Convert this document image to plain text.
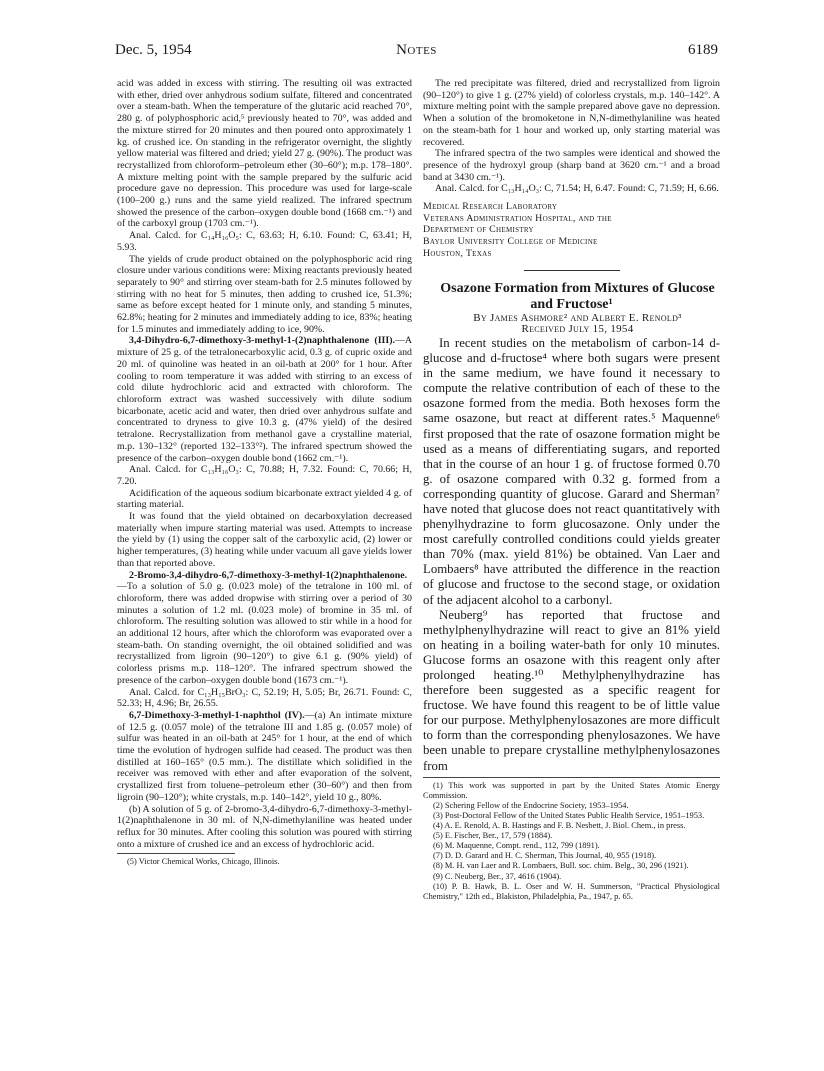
Dec. 5, 1954	Notes	6189

acid was added in excess with stirring. The resulting oil was extracted with ether, dried over anhydrous sodium sulfate, filtered and concentrated over a steam-bath. When the temperature of the glutaric acid reached 70°, 280 g. of polyphosphoric acid,⁵ previously heated to 70°, was added and the mixture stirred for 20 minutes and then poured onto approximately 1 kg. of crushed ice. On standing in the refrigerator overnight, the slightly yellow material was filtered and dried; yield 27 g. (90%). The product was recrystallized from chloroform–petroleum ether (30–60°); m.p. 178–180°. A mixture melting point with the sample prepared by the sulfuric acid procedure gave no depression. This procedure was used for large-scale (100–200 g.) runs and the same yield realized. The infrared spectrum showed the presence of the carbon–oxygen double bond (1668 cm.⁻¹) and of the carboxyl group (1703 cm.⁻¹).

Anal. Calcd. for C₁₄H₁₆O₅: C, 63.63; H, 6.10. Found: C, 63.41; H, 5.93.

The yields of crude product obtained on the polyphosphoric acid ring closure under various conditions were: Mixing reactants previously heated separately to 90° and stirring over steam-bath for 2.5 minutes followed by stirring with no heat for 5 minutes, then adding to crushed ice, 51.3%; same as before except heated for 1 minute only, and standing 5 minutes, 62.8%; heating for 2 minutes and immediately adding to ice, 83%; heating for 1.5 minutes and immediately adding to ice, 90%.

3,4-Dihydro-6,7-dimethoxy-3-methyl-1-(2)naphthalenone (III).—A mixture of 25 g. of the tetralonecarboxylic acid, 0.3 g. of cupric oxide and 20 ml. of quinoline was heated in an oil-bath at 200° for 1 hour. After cooling to room temperature it was added with stirring to an excess of cold dilute hydrochloric acid and extracted with chloroform. The chloroform extract was washed successively with dilute sodium bicarbonate, acetic acid and water, then dried over anhydrous sulfate and concentrated to dryness to give 10.3 g. (47% yield) of the desired tetralone. Recrystallization from methanol gave a crystalline material, m.p. 130–132° (reported 132–133°²). The infrared spectrum showed the presence of the carbon–oxygen double bond (1662 cm.⁻¹).

Anal. Calcd. for C₁₃H₁₆O₃: C, 70.88; H, 7.32. Found: C, 70.66; H, 7.20.

Acidification of the aqueous sodium bicarbonate extract yielded 4 g. of starting material.

It was found that the yield obtained on decarboxylation decreased materially when impure starting material was used. Attempts to increase the yield by (1) using the copper salt of the carboxylic acid, (2) lower or higher temperatures, (3) heating while under vacuum all gave yields lower than that reported above.

2-Bromo-3,4-dihydro-6,7-dimethoxy-3-methyl-1(2)naphthalenone.—To a solution of 5.0 g. (0.023 mole) of the tetralone in 100 ml. of chloroform, there was added dropwise with stirring over a period of 30 minutes a solution of 1.2 ml. (0.023 mole) of bromine in 35 ml. of chloroform. The resulting solution was allowed to stir while in a hood for an additional 12 hours, after which the chloroform was evaporated over a steam-bath. On standing overnight, the oil obtained solidified and was recrystallized from ligroin (90–120°) to give 6.1 g. (90% yield) of colorless prisms m.p. 118–120°. The infrared spectrum showed the presence of the carbon–oxygen double bond (1673 cm.⁻¹).

Anal. Calcd. for C₁₃H₁₅BrO₃: C, 52.19; H, 5.05; Br, 26.71. Found: C, 52.33; H, 4.96; Br, 26.55.

6,7-Dimethoxy-3-methyl-1-naphthol (IV).—(a) An intimate mixture of 12.5 g. (0.057 mole) of the tetralone III and 1.85 g. (0.057 mole) of sulfur was heated in an oil-bath at 245° for 1 hour, at the end of which time the evolution of hydrogen sulfide had ceased. The product was then distilled at 160–165° (0.5 mm.). The distillate which solidified in the receiver was removed with ether and after evaporation of the solvent, crystallized first from toluene–petroleum ether (30–60°) and then from ligroin (90–120°); white crystals, m.p. 140–142°, yield 10 g., 80%.

(b) A solution of 5 g. of 2-bromo-3,4-dihydro-6,7-dimethoxy-3-methyl-1(2)naphthalenone in 30 ml. of N,N-dimethylaniline was heated under reflux for 30 minutes. After cooling this solution was poured with stirring onto a mixture of crushed ice and an excess of hydrochloric acid.

(5) Victor Chemical Works, Chicago, Illinois.

The red precipitate was filtered, dried and recrystallized from ligroin (90–120°) to give 1 g. (27% yield) of colorless crystals, m.p. 140–142°. A mixture melting point with the sample prepared above gave no depression. When a solution of the bromoketone in N,N-dimethylaniline was heated on the steam-bath for 1 hour and worked up, only starting material was recovered.

The infrared spectra of the two samples were identical and showed the presence of the hydroxyl group (sharp band at 3620 cm.⁻¹ and a broad band at 3430 cm.⁻¹).

Anal. Calcd. for C₁₃H₁₄O₃: C, 71.54; H, 6.47. Found: C, 71.59; H, 6.66.

Medical Research Laboratory

Veterans Administration Hospital, and the

Department of Chemistry

Baylor University College of Medicine

Houston, Texas

Osazone Formation from Mixtures of Glucose and Fructose¹

By James Ashmore² and Albert E. Renold³

Received July 15, 1954

In recent studies on the metabolism of carbon-14 d-glucose and d-fructose⁴ where both sugars were present in the same medium, we have found it necessary to compute the relative contribution of each of these to the osazone formed from the media. Both hexoses form the same osazone, but react at different rates.⁵ Maquenne⁶ first proposed that the rate of osazone formation might be used as a means of differentiating sugars, and reported that in the course of an hour 1 g. of fructose formed 0.70 g. of osazone compared with 0.32 g. formed from a corresponding quantity of glucose. Garard and Sherman⁷ have noted that glucose does not react quantitatively with phenylhydrazine to form glucosazone. Only under the most carefully controlled conditions could yields greater than 70% (max. yield 81%) be obtained. Van Laer and Lombaers⁸ have attributed the difference in the reaction of glucose and fructose to the second stage, or oxidation of the adjacent alcohol to a carbonyl.

Neuberg⁹ has reported that fructose and methylphenylhydrazine will react to give an 81% yield on heating in a boiling water-bath for only 10 minutes. Glucose forms an osazone with this reagent only after prolonged heating.¹⁰ Methylphenylhydrazine has therefore been suggested as a specific reagent for fructose. We have found this reagent to be of little value for our purpose. Methylphenylosazones are more difficult to form than the corresponding phenylosazones. We have been unable to prepare crystalline methylphenylosazones from

(1) This work was supported in part by the United States Atomic Energy Commission.

(2) Schering Fellow of the Endocrine Society, 1953–1954.

(3) Post-Doctoral Fellow of the United States Public Health Service, 1951–1953.

(4) A. E. Renold, A. B. Hastings and F. B. Nesbett, J. Biol. Chem., in press.

(5) E. Fischer, Ber., 17, 579 (1884).

(6) M. Maquenne, Compt. rend., 112, 799 (1891).

(7) D. D. Garard and H. C. Sherman, This Journal, 40, 955 (1918).

(8) M. H. van Laer and R. Lombaers, Bull. soc. chim. Belg., 30, 296 (1921).

(9) C. Neuberg, Ber., 37, 4616 (1904).

(10) P. B. Hawk, B. L. Oser and W. H. Summerson, "Practical Physiological Chemistry," 12th ed., Blakiston, Philadelphia, Pa., 1947, p. 65.
